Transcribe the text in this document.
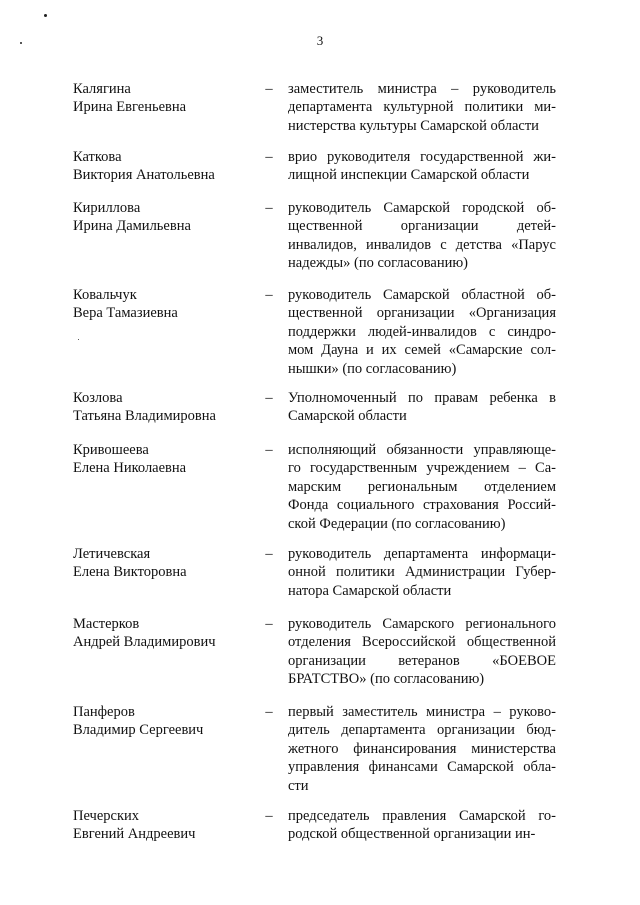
3
Калягина
Ирина Евгеньевна
– заместитель министра – руководитель
департамента культурной политики ми-
нистерства культуры Самарской области
Каткова
Виктория Анатольевна
– врио руководителя государственной жи-
лищной инспекции Самарской области
Кириллова
Ирина Дамильевна
– руководитель Самарской городской об-
щественной организации детей-
инвалидов, инвалидов с детства «Парус
надежды» (по согласованию)
Ковальчук
Вера Тамазиевна
– руководитель Самарской областной об-
щественной организации «Организация
поддержки людей-инвалидов с синдро-
мом Дауна и их семей «Самарские сол-
нышки» (по согласованию)
Козлова
Татьяна Владимировна
– Уполномоченный по правам ребенка в
Самарской области
Кривошеева
Елена Николаевна
– исполняющий обязанности управляюще-
го государственным учреждением – Са-
марским региональным отделением
Фонда социального страхования Россий-
ской Федерации (по согласованию)
Летичевская
Елена Викторовна
– руководитель департамента информаци-
онной политики Администрации Губер-
натора Самарской области
Мастерков
Андрей Владимирович
– руководитель Самарского регионального
отделения Всероссийской общественной
организации ветеранов «БОЕВОЕ
БРАТСТВО» (по согласованию)
Панферов
Владимир Сергеевич
– первый заместитель министра – руково-
дитель департамента организации бюд-
жетного финансирования министерства
управления финансами Самарской обла-
сти
Печерских
Евгений Андреевич
– председатель правления Самарской го-
родской общественной организации ин-
